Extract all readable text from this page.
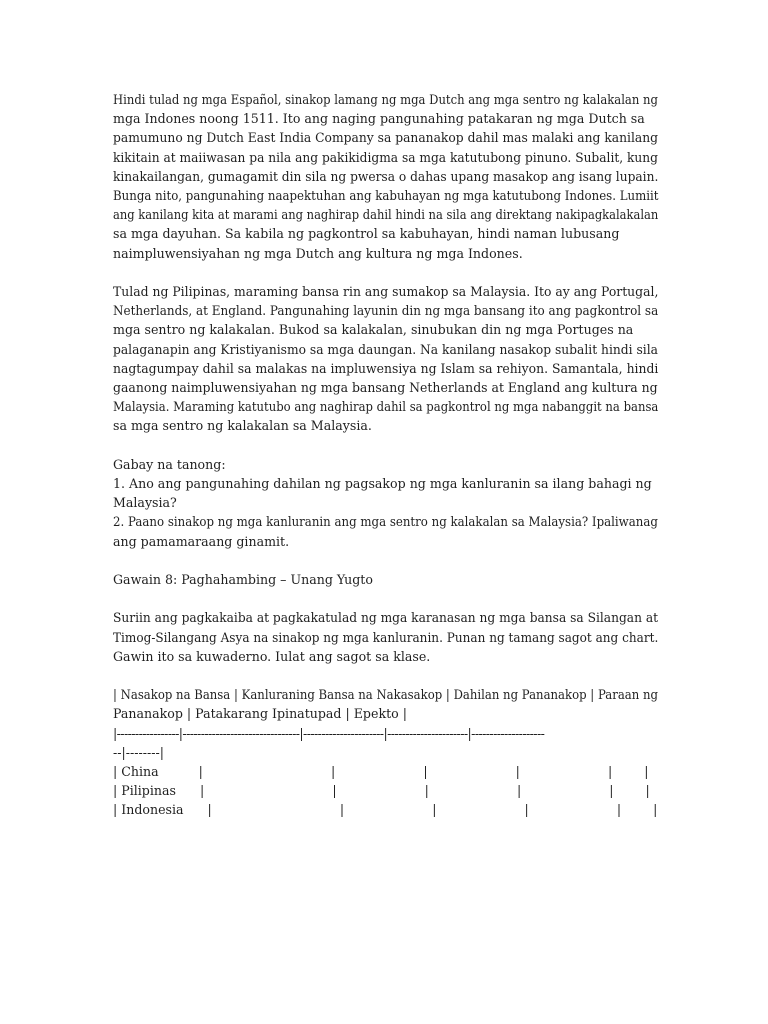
Hindi tulad ng mga Español, sinakop lamang ng mga Dutch ang mga sentro ng kalakalan ng
mga Indones noong 1511. Ito ang naging pangunahing patakaran ng mga Dutch sa
pamumuno ng Dutch East India Company sa pananakop dahil mas malaki ang kanilang
kikitain at maiiwasan pa nila ang pakikidigma sa mga katutubong pinuno. Subalit, kung
kinakailangan, gumagamit din sila ng pwersa o dahas upang masakop ang isang lupain.
Bunga nito, pangunahing naapektuhan ang kabuhayan ng mga katutubong Indones. Lumiit
ang kanilang kita at marami ang naghirap dahil hindi na sila ang direktang nakipagkalakalan
sa mga dayuhan. Sa kabila ng pagkontrol sa kabuhayan, hindi naman lubusang
naimpluwensiyahan ng mga Dutch ang kultura ng mga Indones.
Tulad ng Pilipinas, maraming bansa rin ang sumakop sa Malaysia. Ito ay ang Portugal,
Netherlands, at England. Pangunahing layunin din ng mga bansang ito ang pagkontrol sa
mga sentro ng kalakalan. Bukod sa kalakalan, sinubukan din ng mga Portuges na
palaganapin ang Kristiyanismo sa mga daungan. Na kanilang nasakop subalit hindi sila
nagtagumpay dahil sa malakas na impluwensiya ng Islam sa rehiyon. Samantala, hindi
gaanong naimpluwensiyahan ng mga bansang Netherlands at England ang kultura ng
Malaysia. Maraming katutubo ang naghirap dahil sa pagkontrol ng mga nabanggit na bansa
sa mga sentro ng kalakalan sa Malaysia.
Gabay na tanong:
1. Ano ang pangunahing dahilan ng pagsakop ng mga kanluranin sa ilang bahagi ng
Malaysia?
2. Paano sinakop ng mga kanluranin ang mga sentro ng kalakalan sa Malaysia? Ipaliwanag
ang pamamaraang ginamit.
Gawain 8: Paghahambing – Unang Yugto
Suriin ang pagkakaiba at pagkakatulad ng mga karanasan ng mga bansa sa Silangan at
Timog-Silangang Asya na sinakop ng mga kanluranin. Punan ng tamang sagot ang chart.
Gawin ito sa kuwaderno. Iulat ang sagot sa klase.
| Nasakop na Bansa | Kanluraning Bansa na Nakasakop | Dahilan ng Pananakop | Paraan ng
Pananakop | Patakarang Ipinatupad | Epekto |
|-----------------|--------------------------------|----------------------|----------------------|--------------------
--|--------|
| China          |                                |                      |                      |                      |        |
| Pilipinas      |                                |                      |                      |                      |        |
| Indonesia      |                                |                      |                      |                      |        |
